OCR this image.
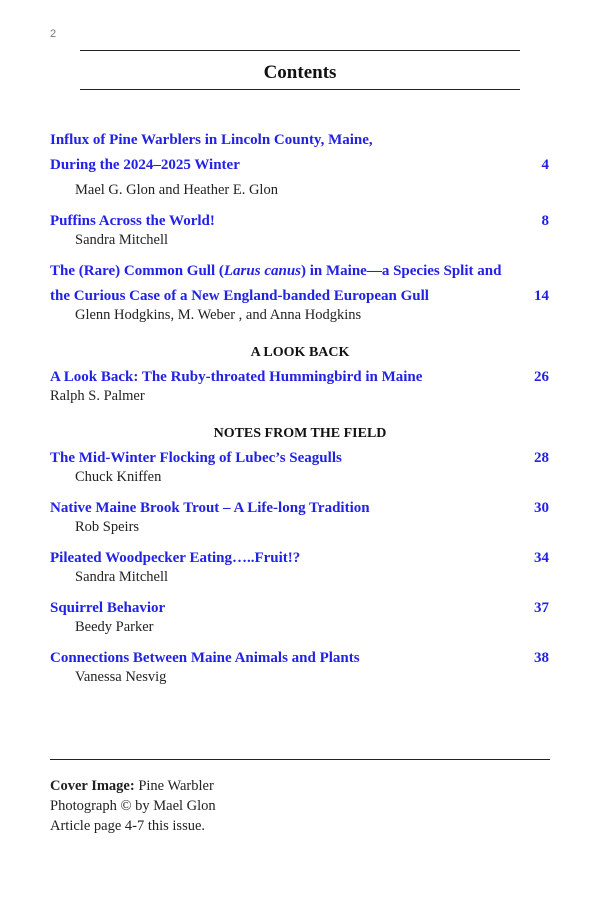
2
Contents
Influx of Pine Warblers in Lincoln County, Maine,
During the 2024–2025 Winter	4
Mael G. Glon and Heather E. Glon
Puffins Across the World!	8
Sandra Mitchell
The (Rare) Common Gull (Larus canus) in Maine—a Species Split and
the Curious Case of a New England-banded European Gull	14
Glenn Hodgkins, M. Weber , and Anna Hodgkins
A LOOK BACK
A Look Back: The Ruby-throated Hummingbird in Maine	26
Ralph S. Palmer
NOTES FROM THE FIELD
The Mid-Winter Flocking of Lubec’s Seagulls	28
Chuck Kniffen
Native Maine Brook Trout – A Life-long Tradition	30
Rob Speirs
Pileated Woodpecker Eating…..Fruit!?	34
Sandra Mitchell
Squirrel Behavior	37
Beedy Parker
Connections Between Maine Animals and Plants	38
Vanessa Nesvig
Cover Image: Pine Warbler
Photograph © by Mael Glon
Article page 4-7 this issue.
